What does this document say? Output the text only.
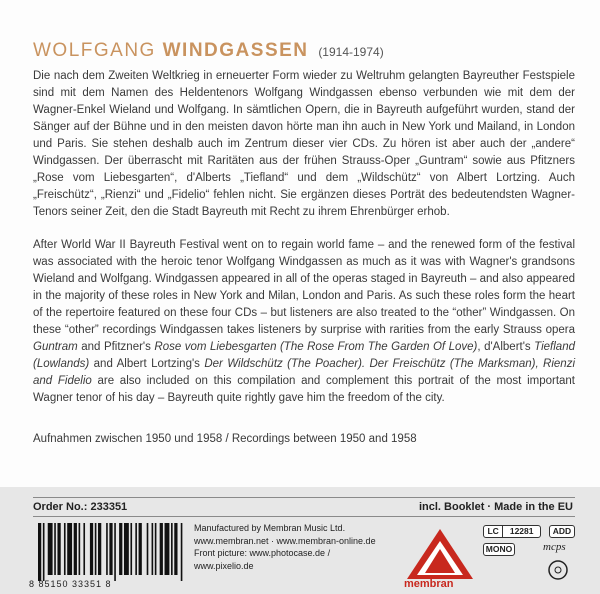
WOLFGANG WINDGASSEN (1914-1974)
Die nach dem Zweiten Weltkrieg in erneuerter Form wieder zu Weltruhm gelangten Bayreuther Festspiele sind mit dem Namen des Heldentenors Wolfgang Windgassen ebenso verbunden wie mit dem der Wagner-Enkel Wieland und Wolfgang. In sämtlichen Opern, die in Bayreuth aufgeführt wurden, stand der Sänger auf der Bühne und in den meisten davon hörte man ihn auch in New York und Mailand, in London und Paris. Sie stehen deshalb auch im Zentrum dieser vier CDs. Zu hören ist aber auch der „andere“ Windgassen. Der überrascht mit Raritäten aus der frühen Strauss-Oper „Guntram“ sowie aus Pfitzners „Rose vom Liebesgarten“, d'Alberts „Tiefland“ und dem „Wildschütz“ von Albert Lortzing. Auch „Freischütz“, „Rienzi“ und „Fidelio“ fehlen nicht. Sie ergänzen dieses Porträt des bedeutendsten Wagner-Tenors seiner Zeit, den die Stadt Bayreuth mit Recht zu ihrem Ehrenbürger erhob.
After World War II Bayreuth Festival went on to regain world fame – and the renewed form of the festival was associated with the heroic tenor Wolfgang Windgassen as much as it was with Wagner's grandsons Wieland and Wolfgang. Windgassen appeared in all of the operas staged in Bayreuth – and also appeared in the majority of these roles in New York and Milan, London and Paris. As such these roles form the heart of the repertoire featured on these four CDs – but listeners are also treated to the “other” Windgassen. On these “other” recordings Windgassen takes listeners by surprise with rarities from the early Strauss opera Guntram and Pfitzner's Rose vom Liebesgarten (The Rose From The Garden Of Love), d'Albert's Tiefland (Lowlands) and Albert Lortzing's Der Wildschütz (The Poacher). Der Freischütz (The Marksman), Rienzi and Fidelio are also included on this compilation and complement this portrait of the most important Wagner tenor of his day – Bayreuth quite rightly gave him the freedom of the city.
Aufnahmen zwischen 1950 und 1958 / Recordings between 1950 and 1958
Order No.: 233351	incl. Booklet · Made in the EU
8 85150 33351 8
Manufactured by Membran Music Ltd.
www.membran.net · www.membran-online.de
Front picture: www.photocase.de /
www.pixelio.de
membran
LC	12281	ADD
MONO	mcps
